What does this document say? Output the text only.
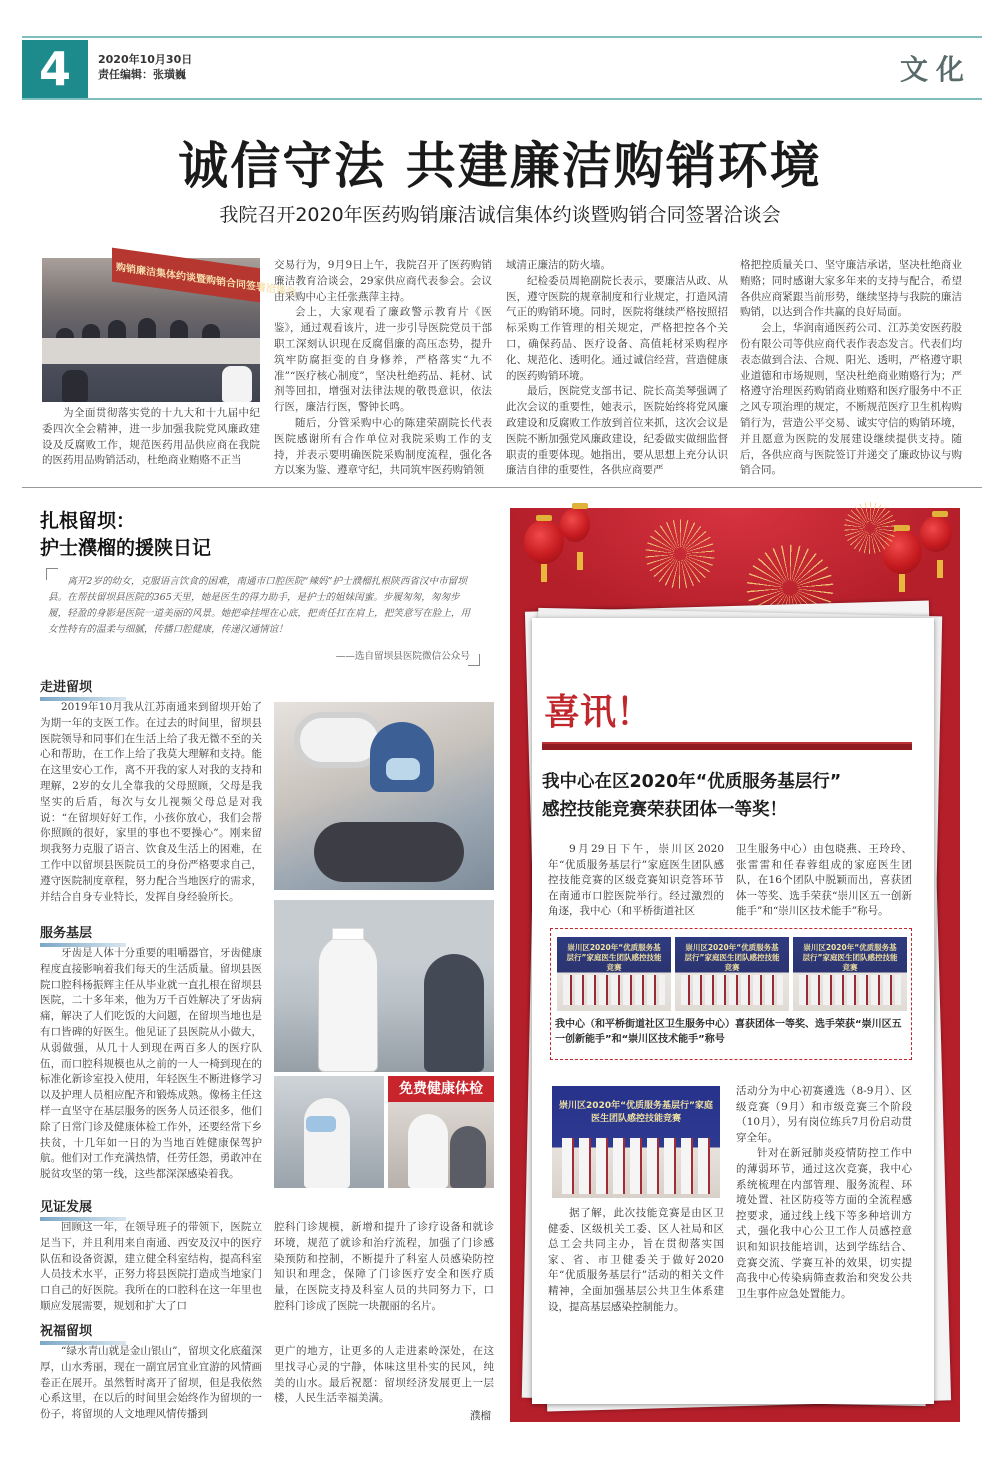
4	2020年10月30日
责任编辑：张璜巍	文化
诚信守法 共建廉洁购销环境
我院召开2020年医药购销廉洁诚信集体约谈暨购销合同签署洽谈会
购销廉洁集体约谈暨购销合同签署洽谈会

为全面贯彻落实党的十九大和十九届中纪委四次全会精神，进一步加强我院党风廉政建设及反腐败工作，规范医药用品供应商在我院的医药用品购销活动，杜绝商业贿赂不正当

交易行为，9月9日上午，我院召开了医药购销廉洁教育洽谈会，29家供应商代表参会。会议由采购中心主任张燕萍主持。

会上，大家观看了廉政警示教育片《医鉴》，通过观看该片，进一步引导医院党员干部职工深刻认识现在反腐倡廉的高压态势，提升筑牢防腐拒变的自身修养，严格落实“九不准”“医疗核心制度”，坚决杜绝药品、耗材、试剂等回扣，增强对法律法规的敬畏意识，依法行医，廉洁行医，警钟长鸣。

随后，分管采购中心的陈建荣副院长代表医院感谢所有合作单位对我院采购工作的支持，并表示要明确医院采购制度流程，强化各方以案为鉴、遵章守纪，共同筑牢医药购销领

域清正廉洁的防火墙。

纪检委员周艳副院长表示，要廉洁从政、从医，遵守医院的规章制度和行业规定，打造风清气正的购销环境。同时，医院将继续严格按照招标采购工作管理的相关规定，严格把控各个关口，确保药品、医疗设备、高值耗材采购程序化、规范化、透明化。通过诚信经营，营造健康的医药购销环境。

最后，医院党支部书记、院长高美琴强调了此次会议的重要性，她表示，医院始终将党风廉政建设和反腐败工作放到首位来抓，这次会议是医院不断加强党风廉政建设，纪委做实做细监督职责的重要体现。她指出，要从思想上充分认识廉洁自律的重要性，各供应商要严

格把控质量关口、坚守廉洁承诺，坚决杜绝商业贿赂；同时感谢大家多年来的支持与配合，希望各供应商紧跟当前形势，继续坚持与我院的廉洁购销，以达到合作共赢的良好局面。

会上，华润南通医药公司、江苏美安医药股份有限公司等供应商代表作表态发言。代表们均表态做到合法、合规、阳光、透明，严格遵守职业道德和市场规则，坚决杜绝商业贿赂行为；严格遵守治理医药购销商业贿赂和医疗服务中不正之风专项治理的规定，不断规范医疗卫生机构购销行为，营造公平交易、诚实守信的购销环境，并且愿意为医院的发展建设继续提供支持。随后，各供应商与医院签订并递交了廉政协议与购销合同。

扎根留坝：
护士濮榴的援陕日记
离开2岁的幼女，克服语言饮食的困难，南通市口腔医院“辣妈”护士濮榴扎根陕西省汉中市留坝县。在帮扶留坝县医院的365天里，她是医生的得力助手，是护士的姐妹闺蜜。步履匆匆，匆匆步履，轻盈的身影是医院一道美丽的风景。她把牵挂埋在心底，把责任扛在肩上，把笑意写在脸上，用女性特有的温柔与细腻，传播口腔健康，传递汉通情谊！
——选自留坝县医院微信公众号
走进留坝

2019年10月我从江苏南通来到留坝开始了为期一年的支医工作。在过去的时间里，留坝县医院领导和同事们在生活上给了我无微不至的关心和帮助，在工作上给了我莫大理解和支持。能在这里安心工作，离不开我的家人对我的支持和理解，2岁的女儿全靠我的父母照顾，父母是我坚实的后盾，每次与女儿视频父母总是对我说：“在留坝好好工作，小孩你放心，我们会帮你照顾的很好，家里的事也不要操心”。刚来留坝我努力克服了语言、饮食及生活上的困难，在工作中以留坝县医院员工的身份严格要求自己，遵守医院制度章程，努力配合当地医疗的需求，并结合自身专业特长，发挥自身经验所长。

服务基层

牙齿是人体十分重要的咀嚼器官，牙齿健康程度直接影响着我们每天的生活质量。留坝县医院口腔科杨振辉主任从毕业就一直扎根在留坝县医院，二十多年来，他为万千百姓解决了牙齿病痛，解决了人们吃饭的大问题，在留坝当地也是有口皆碑的好医生。他见证了县医院从小做大，从弱做强，从几十人到现在两百多人的医疗队伍，而口腔科规模也从之前的一人一椅到现在的标准化新诊室投入使用，年轻医生不断进修学习以及护理人员相应配齐和锻炼成熟。像杨主任这样一直坚守在基层服务的医务人员还很多，他们除了日常门诊及健康体检工作外，还要经常下乡扶贫，十几年如一日的为当地百姓健康保驾护航。他们对工作充满热情，任劳任怨，勇敢冲在脱贫攻坚的第一线，这些都深深感染着我。

免费健康体检
见证发展

回顾这一年，在领导班子的带领下，医院立足当下，并且利用来自南通、西安及汉中的医疗队伍和设备资源，建立健全科室结构，提高科室人员技术水平，正努力将县医院打造成当地家门口自己的好医院。我所在的口腔科在这一年里也顺应发展需要，规划和扩大了口

腔科门诊规模，新增和提升了诊疗设备和就诊环境，规范了就诊和治疗流程，加强了门诊感染预防和控制，不断提升了科室人员感染防控知识和理念，保障了门诊医疗安全和医疗质量，在医院支持及科室人员的共同努力下，口腔科门诊成了医院一块靓丽的名片。

祝福留坝

“绿水青山就是金山银山”，留坝文化底蕴深厚，山水秀丽，现在一副宜居宜业宜游的风情画卷正在展开。虽然暂时离开了留坝，但是我依然心系这里，在以后的时间里会始终作为留坝的一份子，将留坝的人文地理风情传播到

更广的地方，让更多的人走进素岭深处，在这里找寻心灵的宁静，体味这里朴实的民风，纯美的山水。最后祝愿：留坝经济发展更上一层楼，人民生活幸福美满。

濮榴
喜讯！
我中心在区2020年“优质服务基层行”
感控技能竞赛荣获团体一等奖！

9月29日下午，崇川区2020年“优质服务基层行”家庭医生团队感控技能竞赛的区级竞赛知识竞答环节在南通市口腔医院举行。经过激烈的角逐，我中心（和平桥街道社区

卫生服务中心）由包晓燕、王玲玲、张雷雷和任春蓉组成的家庭医生团队，在16个团队中脱颖而出，喜获团体一等奖、选手荣获“崇川区五一创新能手”和“崇川区技术能手”称号。

崇川区2020年“优质服务基层行”家庭医生团队感控技能竞赛
崇川区2020年“优质服务基层行”家庭医生团队感控技能竞赛
崇川区2020年“优质服务基层行”家庭医生团队感控技能竞赛
我中心（和平桥街道社区卫生服务中心）喜获团体一等奖、选手荣获“崇川区五一创新能手”和“崇川区技术能手”称号
崇川区2020年“优质服务基层行”家庭医生团队感控技能竞赛

活动分为中心初赛遴选（8-9月）、区级竞赛（9月）和市级竞赛三个阶段（10月），另有岗位练兵7月份启动贯穿全年。

针对在新冠肺炎疫情防控工作中的薄弱环节，通过这次竞赛，我中心系统梳理在内部管理、服务流程、环境处置、社区防疫等方面的全流程感控要求，通过线上线下等多种培训方式，强化我中心公卫工作人员感控意识和知识技能培训，达到学练结合、竞赛交流、学赛互补的效果，切实提高我中心传染病筛查救治和突发公共卫生事件应急处置能力。

据了解，此次技能竞赛是由区卫健委、区级机关工委、区人社局和区总工会共同主办，旨在贯彻落实国家、省、市卫健委关于做好2020年“优质服务基层行”活动的相关文件精神，全面加强基层公共卫生体系建设，提高基层感染控制能力。
